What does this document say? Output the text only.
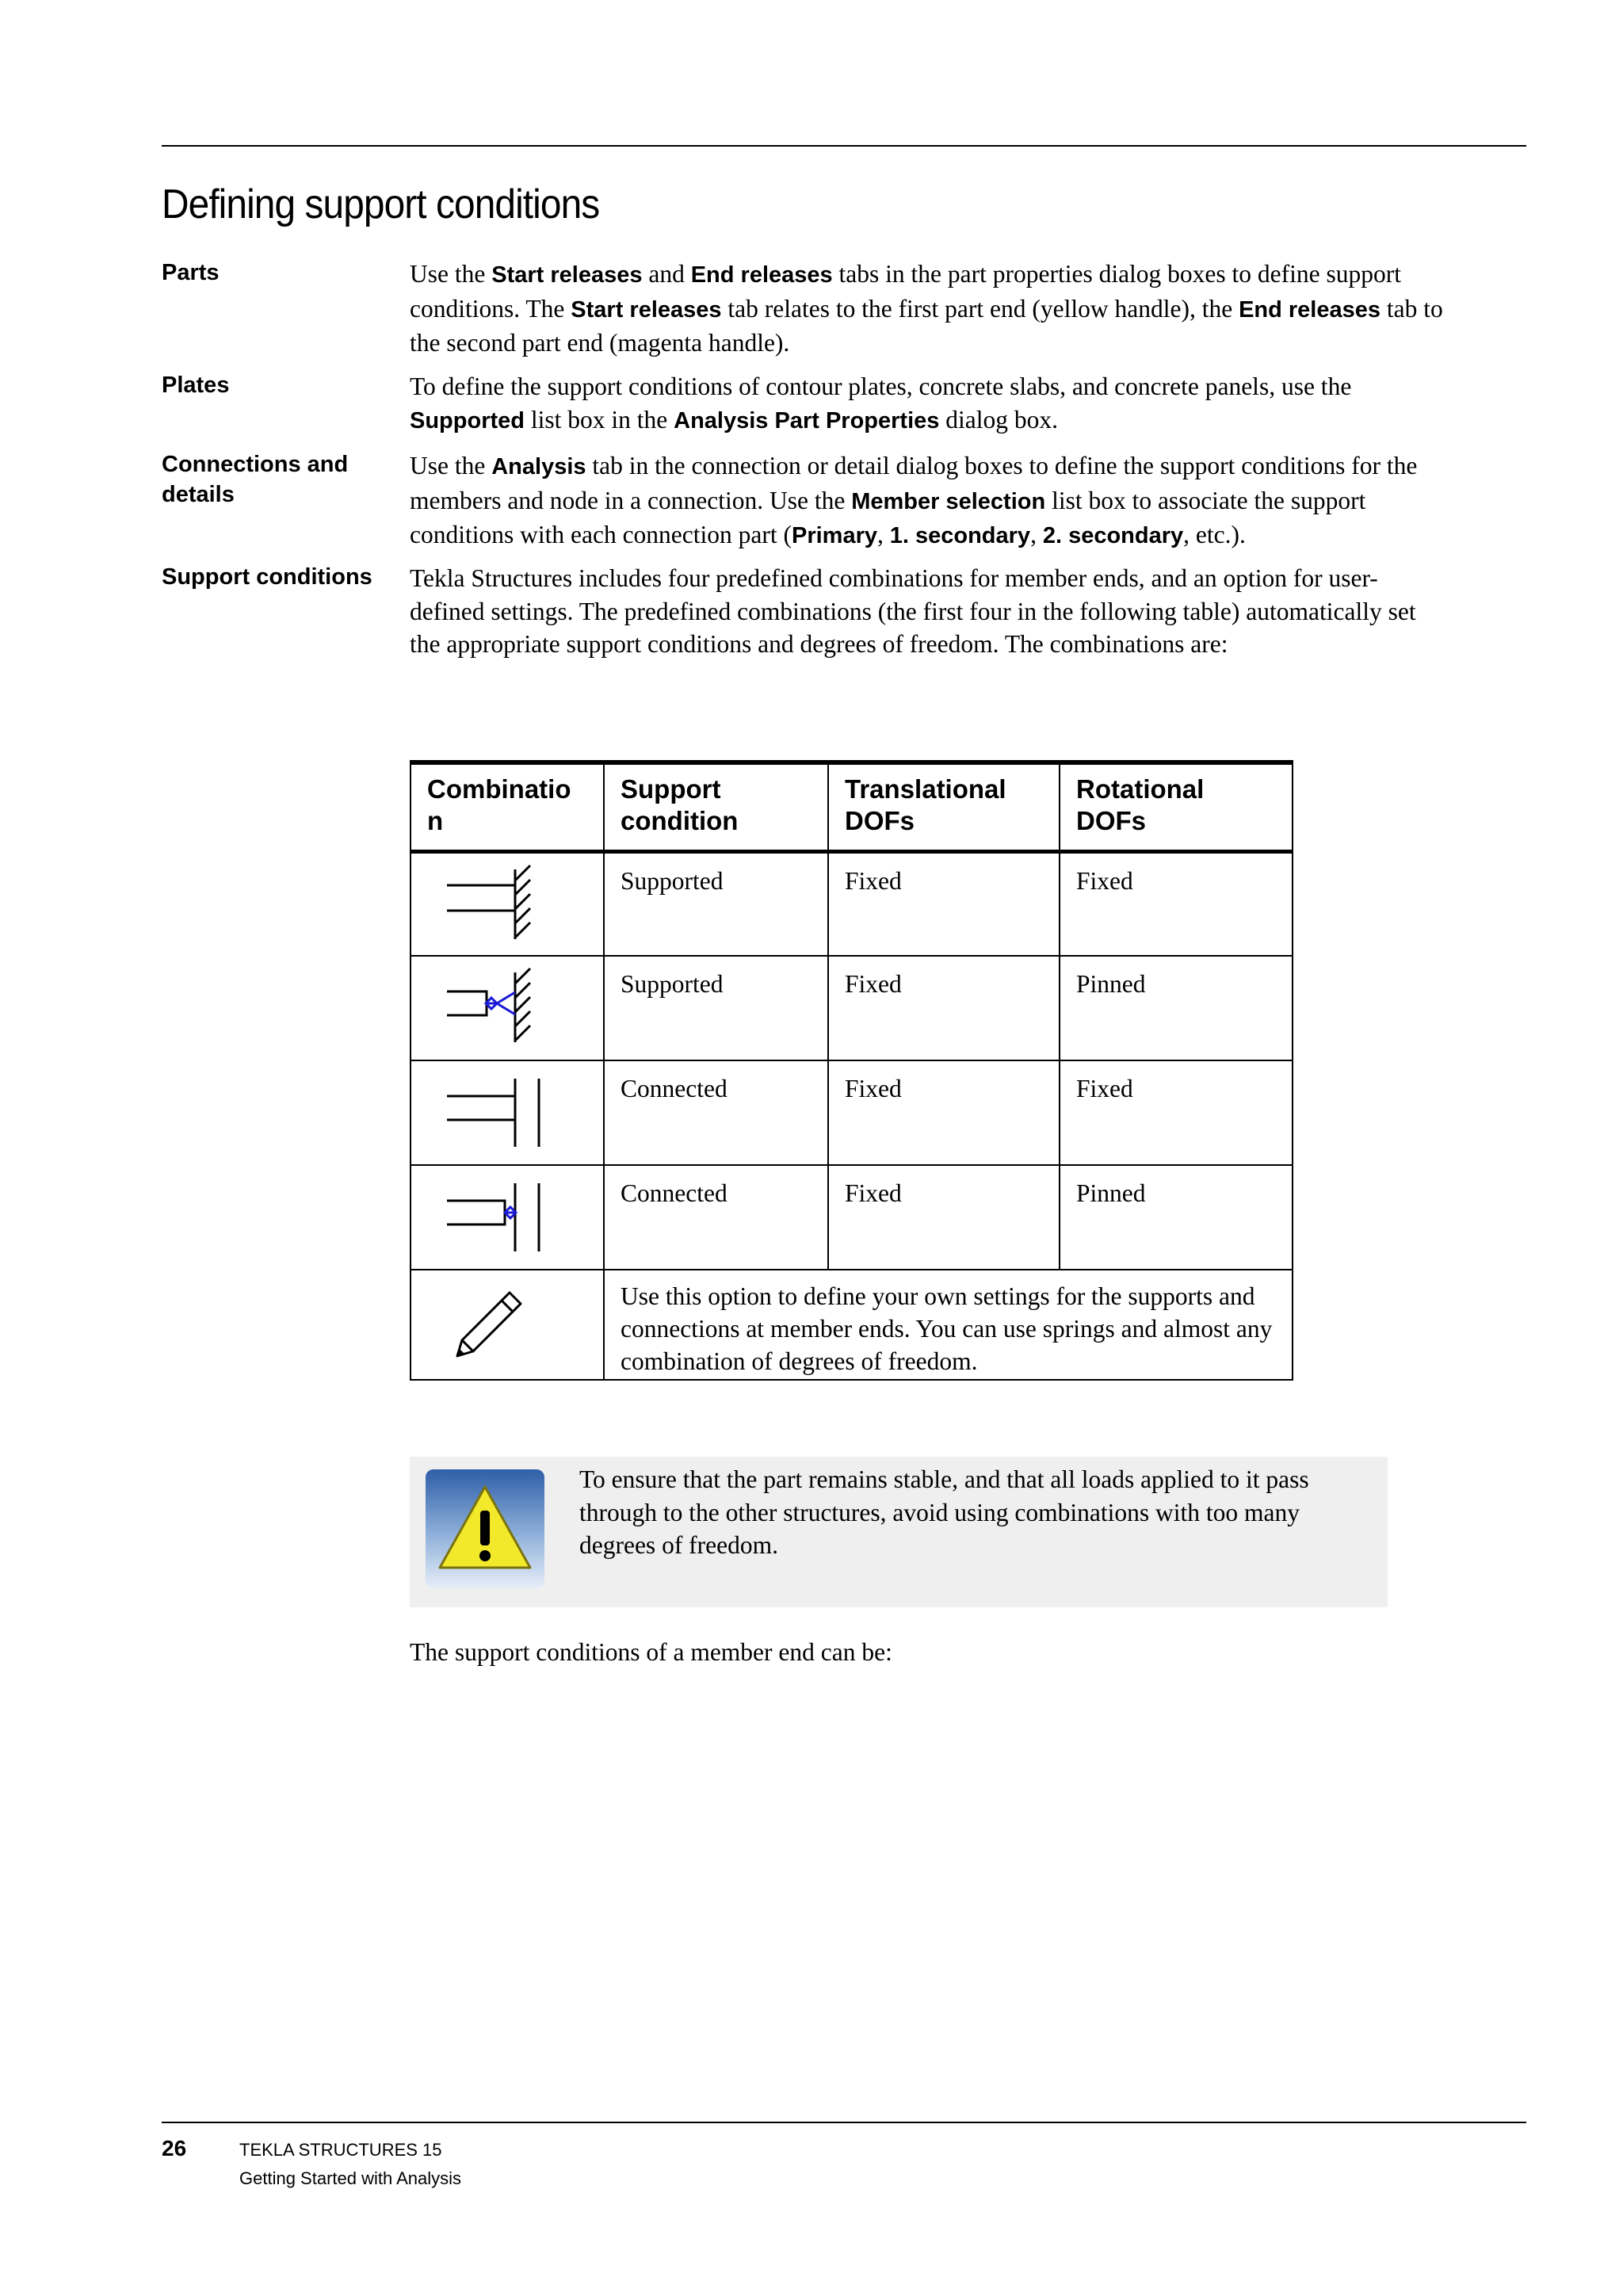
Defining support conditions
Parts	Use the Start releases and End releases tabs in the part properties dialog boxes to define support conditions. The Start releases tab relates to the first part end (yellow handle), the End releases tab to the second part end (magenta handle).
Plates	To define the support conditions of contour plates, concrete slabs, and concrete panels, use the Supported list box in the Analysis Part Properties dialog box.
Connections and details
Use the Analysis tab in the connection or detail dialog boxes to define the support conditions for the members and node in a connection. Use the Member selection list box to associate the support conditions with each connection part (Primary, 1. secondary, 2. secondary, etc.).
Support conditions	Tekla Structures includes four predefined combinations for member ends, and an option for user-defined settings. The predefined combinations (the first four in the following table) automatically set the appropriate support conditions and degrees of freedom. The combinations are:
Combinatio n	Support condition	Translational DOFs	Rotational DOFs

	Supported	Fixed	Fixed

	Supported	Fixed	Pinned

	Connected	Fixed	Fixed

	Connected	Fixed	Pinned

	Use this option to define your own settings for the supports and connections at member ends. You can use springs and almost any combination of degrees of freedom.		
To ensure that the part remains stable, and that all loads applied to it pass through to the other structures, avoid using combinations with too many degrees of freedom.

The support conditions of a member end can be:

26	TEKLA STRUCTURES 15
Getting Started with Analysis
